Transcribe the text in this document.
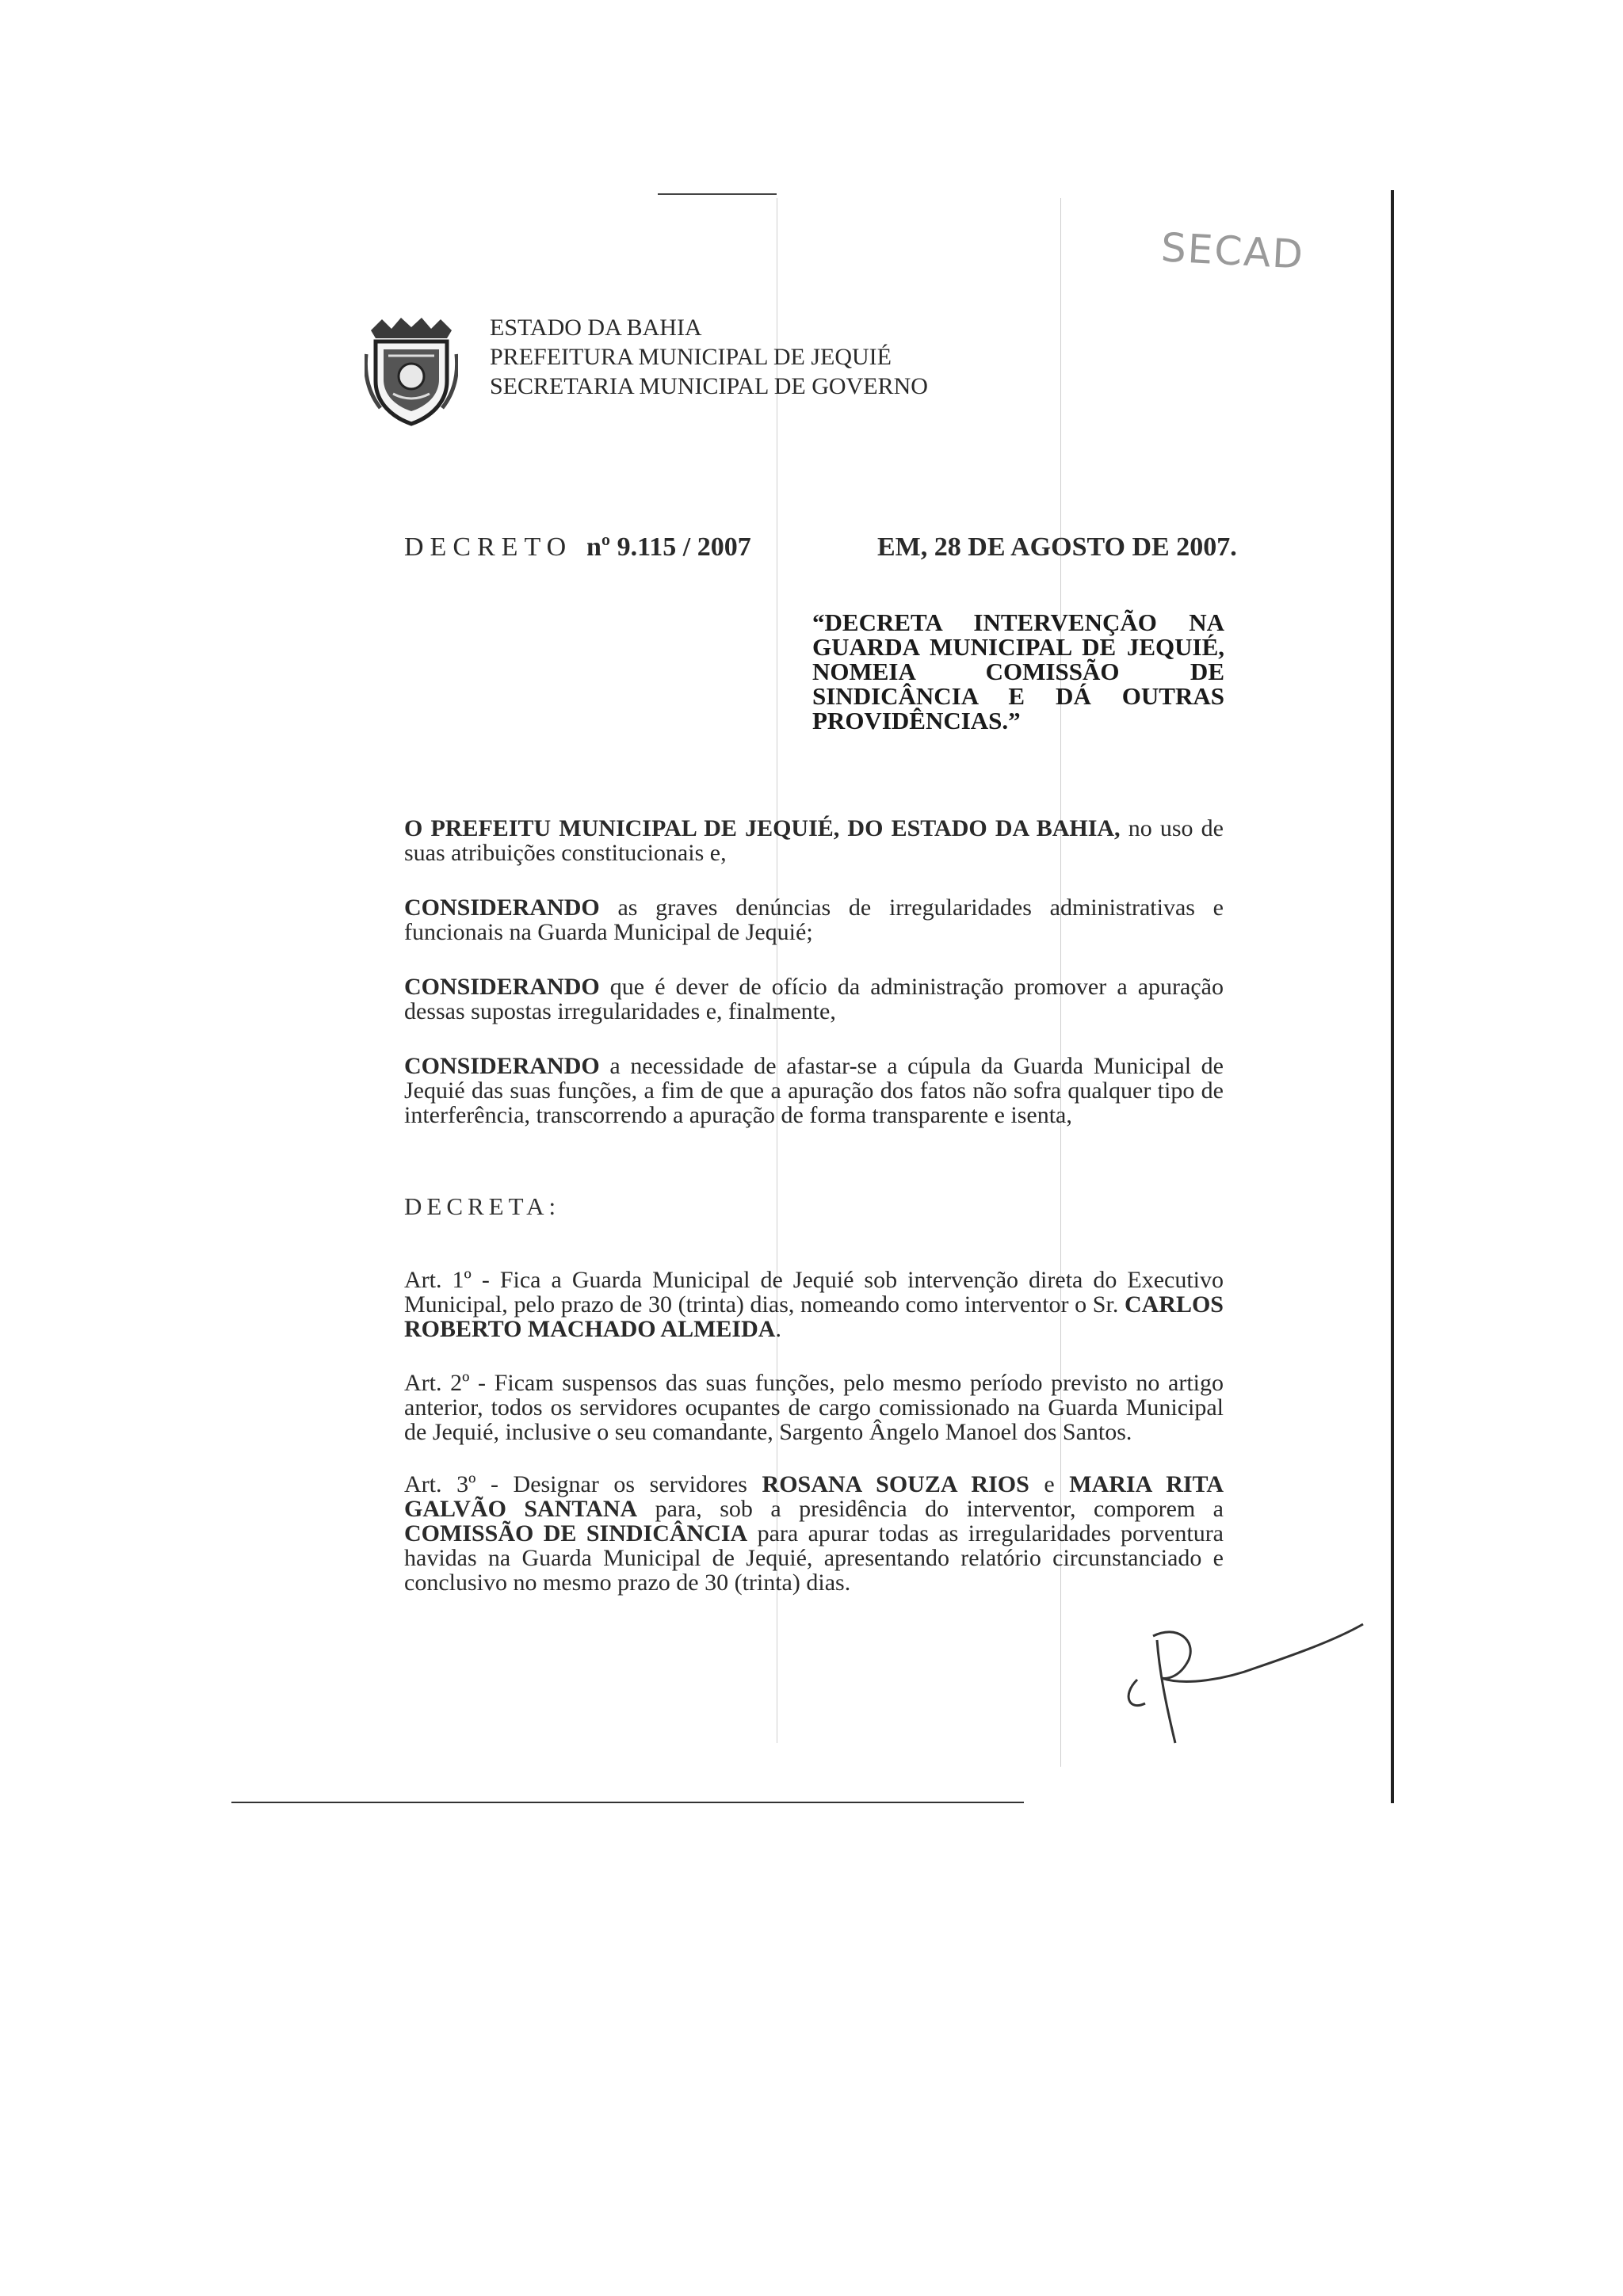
SECAD
ESTADO DA BAHIA
PREFEITURA MUNICIPAL DE JEQUIÉ
SECRETARIA MUNICIPAL DE GOVERNO
DECRETO nº 9.115 / 2007	EM, 28 DE AGOSTO DE 2007.
“DECRETA INTERVENÇÃO NA GUARDA MUNICIPAL DE JEQUIÉ, NOMEIA COMISSÃO DE SINDICÂNCIA E DÁ OUTRAS PROVIDÊNCIAS.”
O PREFEITU MUNICIPAL DE JEQUIÉ, DO ESTADO DA BAHIA, no uso de suas atribuições constitucionais e,
CONSIDERANDO as graves denúncias de irregularidades administrativas e funcionais na Guarda Municipal de Jequié;
CONSIDERANDO que é dever de ofício da administração promover a apuração dessas supostas irregularidades e, finalmente,
CONSIDERANDO a necessidade de afastar-se a cúpula da Guarda Municipal de Jequié das suas funções, a fim de que a apuração dos fatos não sofra qualquer tipo de interferência, transcorrendo a apuração de forma transparente e isenta,
DECRETA:
Art. 1º - Fica a Guarda Municipal de Jequié sob intervenção direta do Executivo Municipal, pelo prazo de 30 (trinta) dias, nomeando como interventor o Sr. CARLOS ROBERTO MACHADO ALMEIDA.
Art. 2º - Ficam suspensos das suas funções, pelo mesmo período previsto no artigo anterior, todos os servidores ocupantes de cargo comissionado na Guarda Municipal de Jequié, inclusive o seu comandante, Sargento Ângelo Manoel dos Santos.
Art. 3º - Designar os servidores ROSANA SOUZA RIOS e MARIA RITA GALVÃO SANTANA para, sob a presidência do interventor, comporem a COMISSÃO DE SINDICÂNCIA para apurar todas as irregularidades porventura havidas na Guarda Municipal de Jequié, apresentando relatório circunstanciado e conclusivo no mesmo prazo de 30 (trinta) dias.
